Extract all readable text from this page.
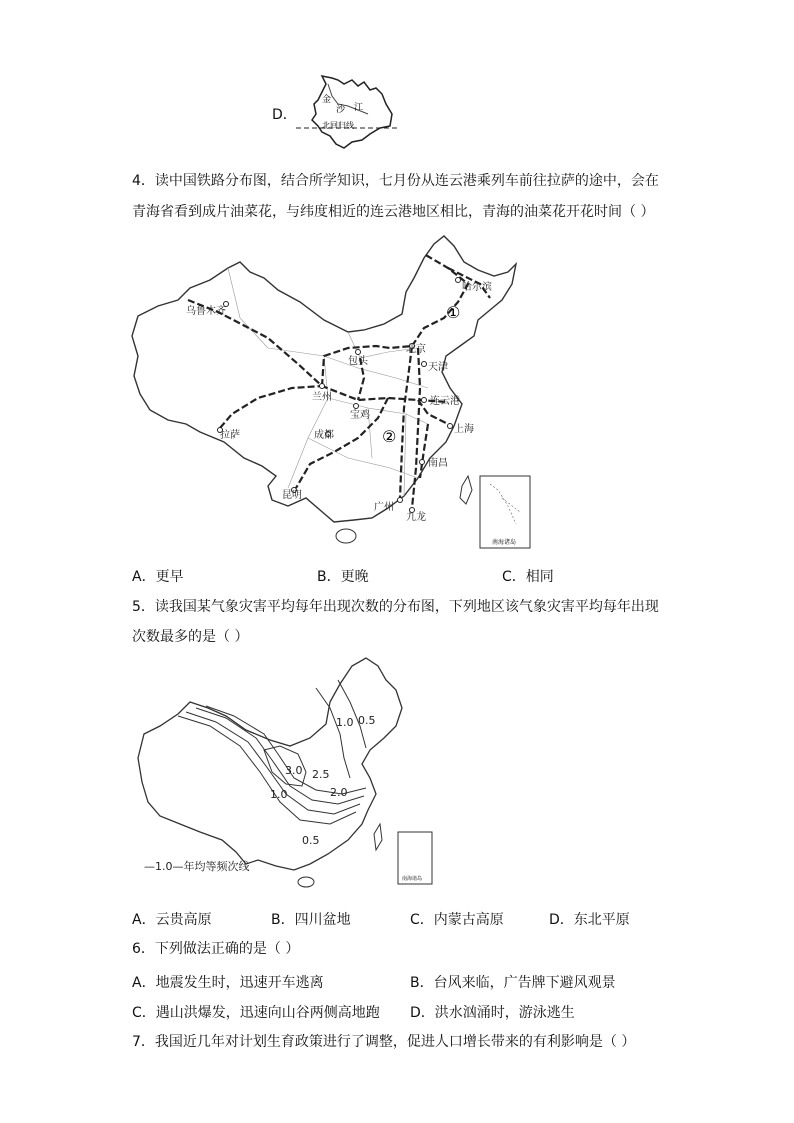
D．
金
沙 江
北回归线
4．读中国铁路分布图，结合所学知识，七月份从连云港乘列车前往拉萨的途中，会在
青海省看到成片油菜花，与纬度相近的连云港地区相比，青海的油菜花开花时间（ ）
南海诸岛
哈尔滨
乌鲁木齐
包头
北京
天津
兰州
宝鸡
连云港
上海
拉萨	成都
南昌
昆明
广州
九龙
①
②
A．更早	B．更晚	C．相同
5．读我国某气象灾害平均每年出现次数的分布图，下列地区该气象灾害平均每年出现
次数最多的是（ ）
南海诸岛
1.0 0.5
3.0 2.5
1.0	2.0
0.5
—1.0—年均等频次线
A．云贵高原	B．四川盆地	C．内蒙古高原	D．东北平原
6．下列做法正确的是（ ）
A．地震发生时，迅速开车逃离	B．台风来临，广告牌下避风观景
C．遇山洪爆发，迅速向山谷两侧高地跑 D．洪水汹涌时，游泳逃生
7．我国近几年对计划生育政策进行了调整，促进人口增长带来的有利影响是（ ）
